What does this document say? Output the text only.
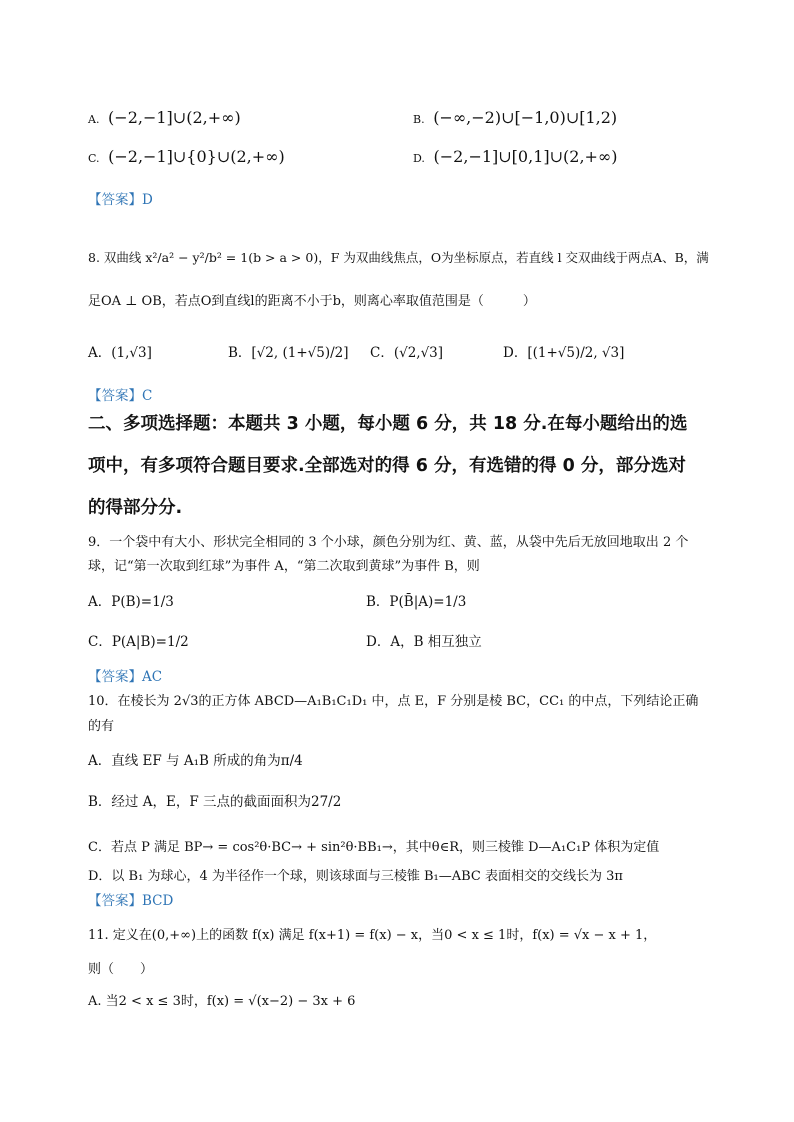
A. (−2,−1]∪(2,+∞)	B. (−∞,−2)∪[−1,0)∪[1,2)
C. (−2,−1]∪{0}∪(2,+∞)	D. (−2,−1]∪[0,1]∪(2,+∞)
【答案】D
8. 双曲线 x²/a² − y²/b² = 1(b > a > 0)，F 为双曲线焦点，O为坐标原点，若直线 l 交双曲线于两点A、B，满
足OA ⊥ OB，若点O到直线l的距离不小于b，则离心率取值范围是（　　　）
A．(1,√3]	B．[√2, (1+√5)/2] C．(√2,√3]	D．[(1+√5)/2, √3]
【答案】C
二、多项选择题：本题共 3 小题，每小题 6 分，共 18 分.在每小题给出的选
项中，有多项符合题目要求.全部选对的得 6 分，有选错的得 0 分，部分选对
的得部分分.
9．一个袋中有大小、形状完全相同的 3 个小球，颜色分别为红、黄、蓝，从袋中先后无放回地取出 2 个
球，记“第一次取到红球”为事件 A，“第二次取到黄球”为事件 B，则
A．P(B)=1/3	B．P(B̄|A)=1/3
C．P(A|B)=1/2	D．A，B 相互独立
【答案】AC
10．在棱长为 2√3的正方体 ABCD—A₁B₁C₁D₁ 中，点 E，F 分别是棱 BC，CC₁ 的中点，下列结论正确
的有
A．直线 EF 与 A₁B 所成的角为π/4
B．经过 A，E，F 三点的截面面积为27/2
C．若点 P 满足 BP→ = cos²θ·BC→ + sin²θ·BB₁→，其中θ∈R，则三棱锥 D—A₁C₁P 体积为定值
D．以 B₁ 为球心，4 为半径作一个球，则该球面与三棱锥 B₁—ABC 表面相交的交线长为 3π
【答案】BCD
11. 定义在(0,+∞)上的函数 f(x) 满足 f(x+1) = f(x) − x，当0 < x ≤ 1时，f(x) = √x − x + 1，
则（　　）
A. 当2 < x ≤ 3时，f(x) = √(x−2) − 3x + 6
